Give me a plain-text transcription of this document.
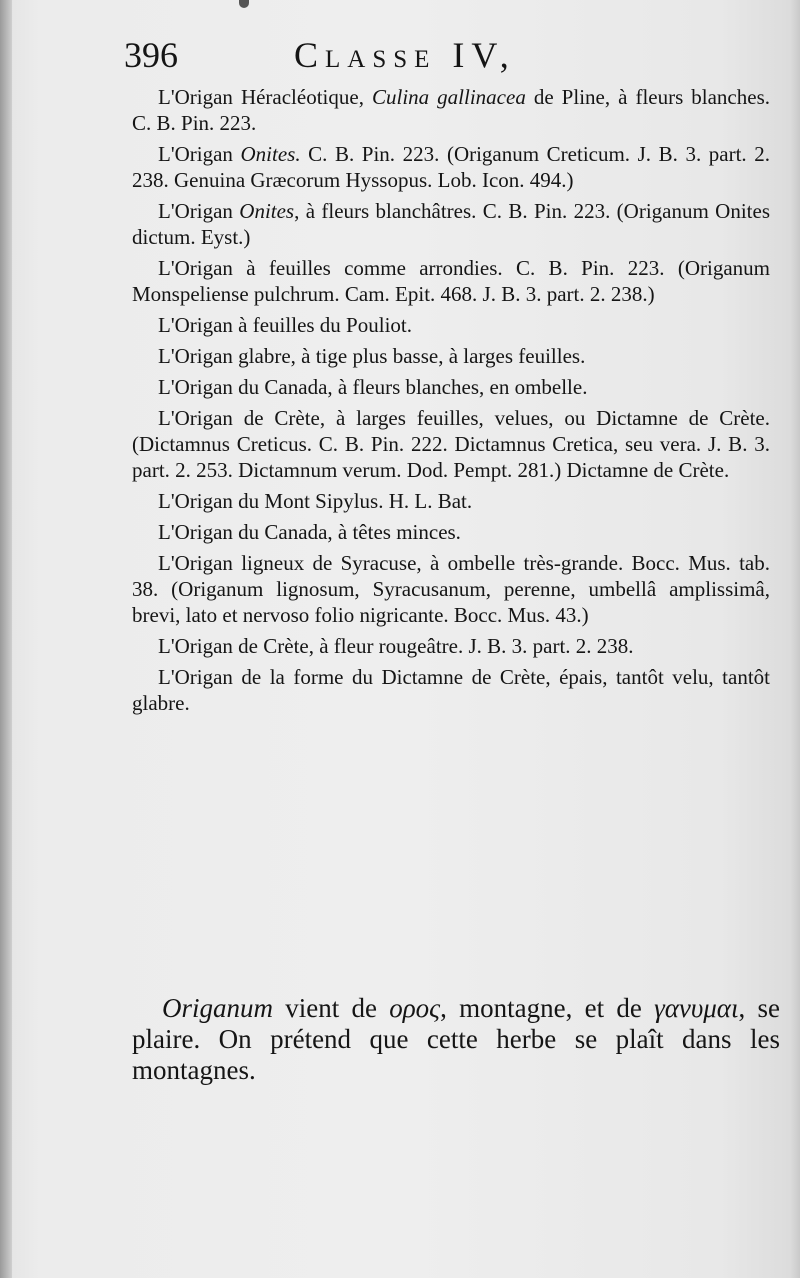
396	Classe IV,

L'Origan Héracléotique, Culina gallinacea de Pline, à fleurs blanches. C. B. Pin. 223.

L'Origan Onites. C. B. Pin. 223. (Origanum Creticum. J. B. 3. part. 2. 238. Genuina Græcorum Hyssopus. Lob. Icon. 494.)

L'Origan Onites, à fleurs blanchâtres. C. B. Pin. 223. (Origanum Onites dictum. Eyst.)

L'Origan à feuilles comme arrondies. C. B. Pin. 223. (Origanum Monspeliense pulchrum. Cam. Epit. 468. J. B. 3. part. 2. 238.)

L'Origan à feuilles du Pouliot.

L'Origan glabre, à tige plus basse, à larges feuilles.

L'Origan du Canada, à fleurs blanches, en ombelle.

L'Origan de Crète, à larges feuilles, velues, ou Dictamne de Crète. (Dictamnus Creticus. C. B. Pin. 222. Dictamnus Cretica, seu vera. J. B. 3. part. 2. 253. Dictamnum verum. Dod. Pempt. 281.) Dictamne de Crète.

L'Origan du Mont Sipylus. H. L. Bat.

L'Origan du Canada, à têtes minces.

L'Origan ligneux de Syracuse, à ombelle très-grande. Bocc. Mus. tab. 38. (Origanum lignosum, Syracusanum, perenne, umbellâ amplissimâ, brevi, lato et nervoso folio nigricante. Bocc. Mus. 43.)

L'Origan de Crète, à fleur rougeâtre. J. B. 3. part. 2. 238.

L'Origan de la forme du Dictamne de Crète, épais, tantôt velu, tantôt glabre.

Origanum vient de ορος, montagne, et de γανυμαι, se plaire. On prétend que cette herbe se plaît dans les montagnes.
